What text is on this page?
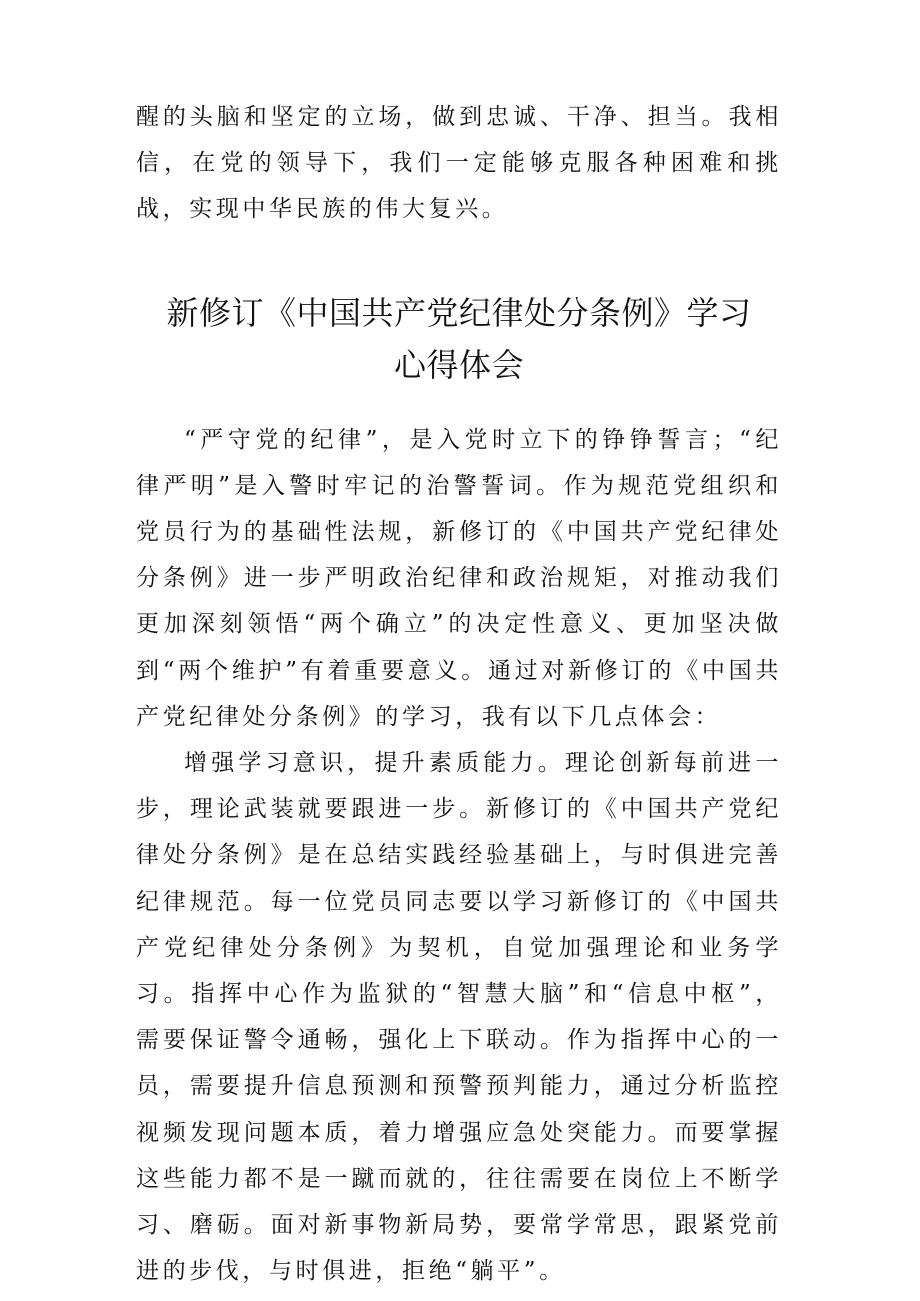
醒的头脑和坚定的立场，做到忠诚、干净、担当。我相信，在党的领导下，我们一定能够克服各种困难和挑战，实现中华民族的伟大复兴。

新修订《中国共产党纪律处分条例》学习
心得体会

“严守党的纪律”，是入党时立下的铮铮誓言；“纪律严明”是入警时牢记的治警誓词。作为规范党组织和党员行为的基础性法规，新修订的《中国共产党纪律处分条例》进一步严明政治纪律和政治规矩，对推动我们更加深刻领悟“两个确立”的决定性意义、更加坚决做到“两个维护”有着重要意义。通过对新修订的《中国共产党纪律处分条例》的学习，我有以下几点体会：

增强学习意识，提升素质能力。理论创新每前进一步，理论武装就要跟进一步。新修订的《中国共产党纪律处分条例》是在总结实践经验基础上，与时俱进完善纪律规范。每一位党员同志要以学习新修订的《中国共产党纪律处分条例》为契机，自觉加强理论和业务学习。指挥中心作为监狱的“智慧大脑”和“信息中枢”，需要保证警令通畅，强化上下联动。作为指挥中心的一员，需要提升信息预测和预警预判能力，通过分析监控视频发现问题本质，着力增强应急处突能力。而要掌握这些能力都不是一蹴而就的，往往需要在岗位上不断学习、磨砺。面对新事物新局势，要常学常思，跟紧党前进的步伐，与时俱进，拒绝“躺平”。
